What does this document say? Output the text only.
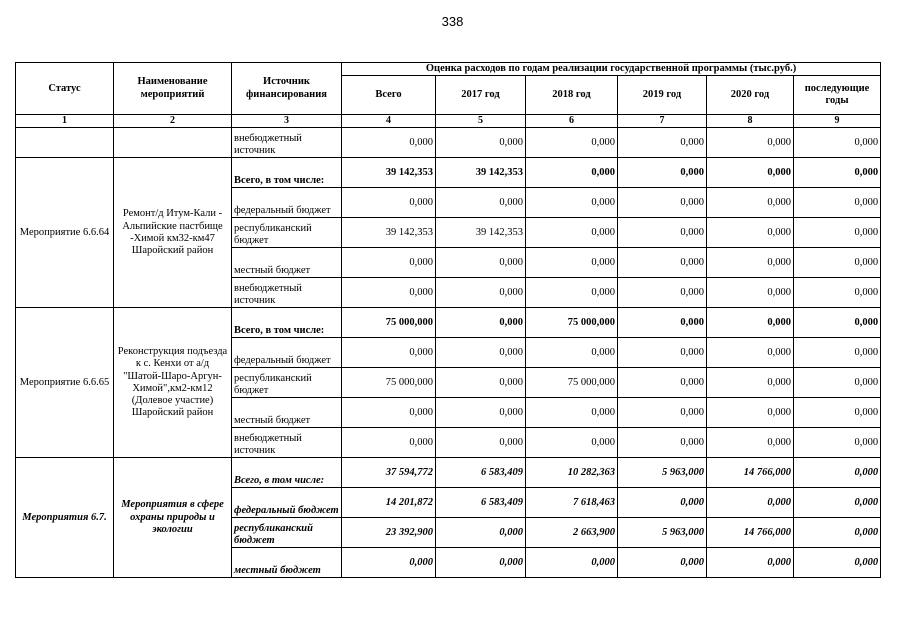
338
Статус	Наименование мероприятий	Источник финансирования	Оценка расходов по годам реализации государственной программы (тыс.руб.)					
			Всего	2017 год	2018 год	2019 год	2020 год	последующие годы
1	2	3	4	5	6	7	8	9
		внебюджетный источник	0,000	0,000	0,000	0,000	0,000	0,000
Мероприятие 6.6.64	Ремонт/д Итум-Кали - Альпийские пастбище -Химой км32-км47 Шаройский район	Всего, в том числе:	39 142,353	39 142,353	0,000	0,000	0,000	0,000
		федеральный бюджет	0,000	0,000	0,000	0,000	0,000	0,000
		республиканский бюджет	39 142,353	39 142,353	0,000	0,000	0,000	0,000
		местный бюджет	0,000	0,000	0,000	0,000	0,000	0,000
		внебюджетный источник	0,000	0,000	0,000	0,000	0,000	0,000
Мероприятие 6.6.65	Реконструкция подъезда к с. Кенхи от а/д "Шатой-Шаро-Аргун-Химой",км2-км12 (Долевое участие) Шаройский район	Всего, в том числе:	75 000,000	0,000	75 000,000	0,000	0,000	0,000
		федеральный бюджет	0,000	0,000	0,000	0,000	0,000	0,000
		республиканский бюджет	75 000,000	0,000	75 000,000	0,000	0,000	0,000
		местный бюджет	0,000	0,000	0,000	0,000	0,000	0,000
		внебюджетный источник	0,000	0,000	0,000	0,000	0,000	0,000
Мероприятия 6.7.	Мероприятия в сфере охраны природы и экологии	Всего, в том числе:	37 594,772	6 583,409	10 282,363	5 963,000	14 766,000	0,000
		федеральный бюджет	14 201,872	6 583,409	7 618,463	0,000	0,000	0,000
		республиканский бюджет	23 392,900	0,000	2 663,900	5 963,000	14 766,000	0,000
		местный бюджет	0,000	0,000	0,000	0,000	0,000	0,000
